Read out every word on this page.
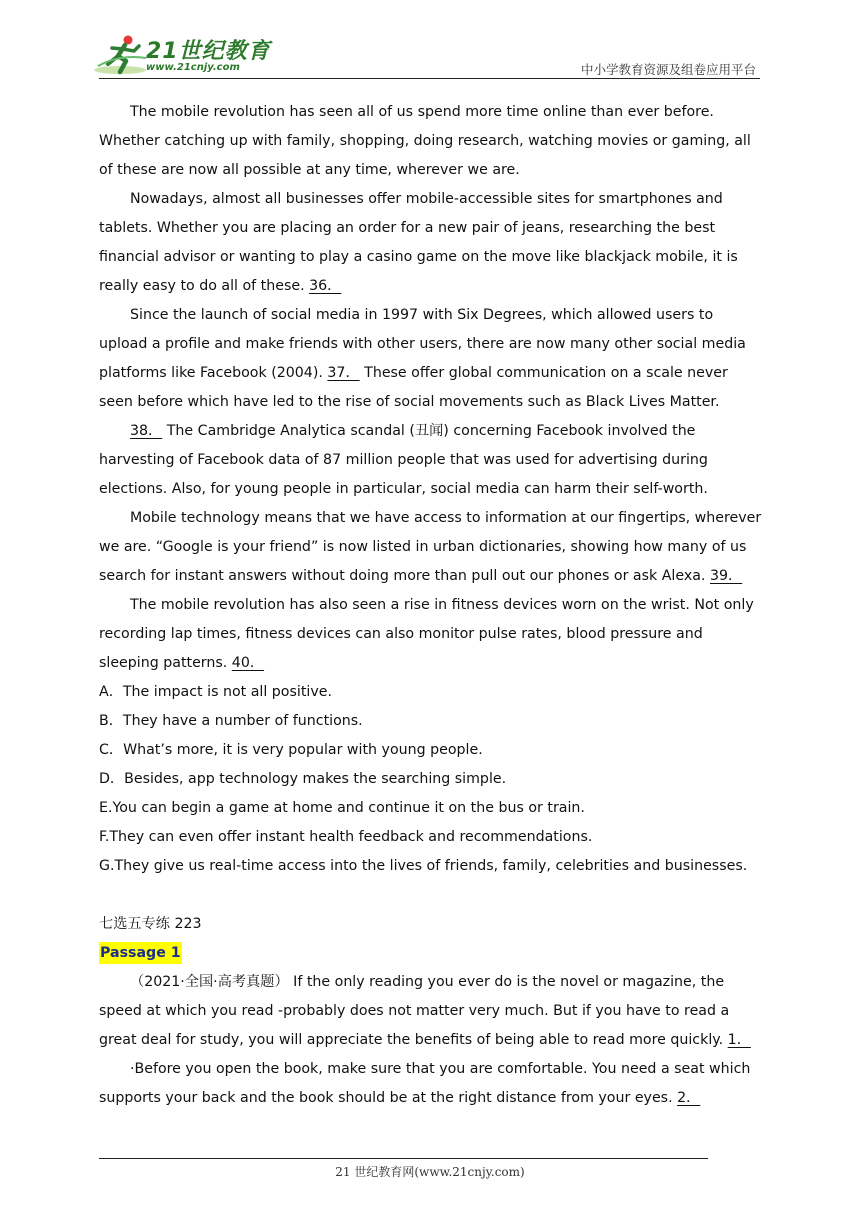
21世纪教育
www.21cnjy.com	中小学教育资源及组卷应用平台

The mobile revolution has seen all of us spend more time online than ever before. Whether catching up with family, shopping, doing research, watching movies or gaming, all of these are now all possible at any time, wherever we are.

Nowadays, almost all businesses offer mobile-accessible sites for smartphones and tablets. Whether you are placing an order for a new pair of jeans, researching the best financial advisor or wanting to play a casino game on the move like blackjack mobile, it is really easy to do all of these. 36．

Since the launch of social media in 1997 with Six Degrees, which allowed users to upload a profile and make friends with other users, there are now many other social media platforms like Facebook (2004). 37． These offer global communication on a scale never seen before which have led to the rise of social movements such as Black Lives Matter.

38． The Cambridge Analytica scandal (丑闻) concerning Facebook involved the harvesting of Facebook data of 87 million people that was used for advertising during elections. Also, for young people in particular, social media can harm their self-worth.

Mobile technology means that we have access to information at our fingertips, wherever we are. “Google is your friend” is now listed in urban dictionaries, showing how many of us search for instant answers without doing more than pull out our phones or ask Alexa. 39．

The mobile revolution has also seen a rise in fitness devices worn on the wrist. Not only recording lap times, fitness devices can also monitor pulse rates, blood pressure and sleeping patterns. 40．

A．The impact is not all positive.

B．They have a number of functions.

C．What’s more, it is very popular with young people.

D．Besides, app technology makes the searching simple.

E.You can begin a game at home and continue it on the bus or train.

F.They can even offer instant health feedback and recommendations.

G.They give us real-time access into the lives of friends, family, celebrities and businesses.

七选五专练 223

Passage 1

（2021·全国·高考真题） If the only reading you ever do is the novel or magazine, the speed at which you read -probably does not matter very much. But if you have to read a great deal for study, you will appreciate the benefits of being able to read more quickly. 1．

·Before you open the book, make sure that you are comfortable. You need a seat which supports your back and the book should be at the right distance from your eyes. 2．

21 世纪教育网(www.21cnjy.com)
